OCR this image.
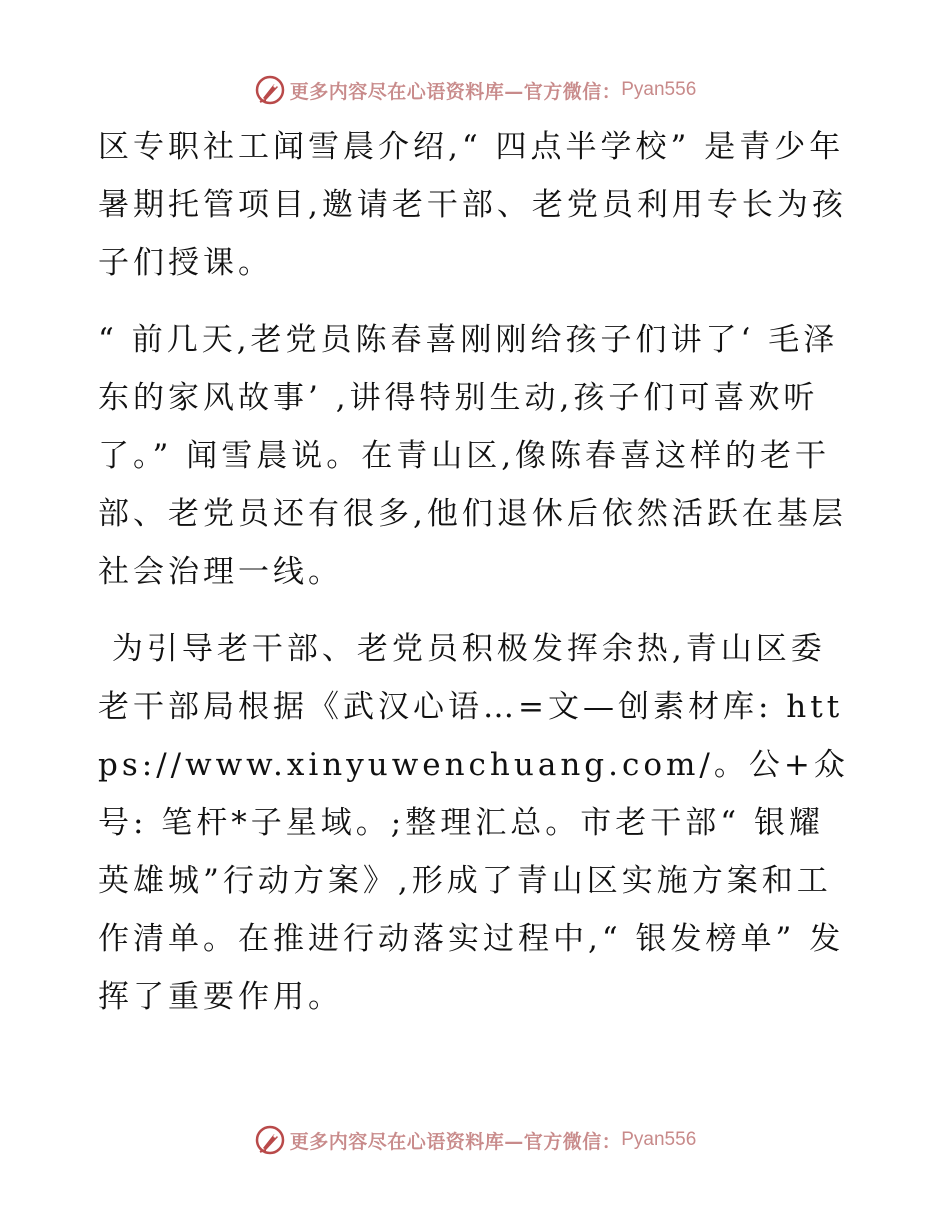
更多内容尽在心语资料库—官方微信： Pyan556

区专职社工闻雪晨介绍,“ 四点半学校” 是青少年暑期托管项目,邀请老干部、老党员利用专长为孩子们授课。

“ 前几天,老党员陈春喜刚刚给孩子们讲了‘ 毛泽东的家风故事’ ,讲得特别生动,孩子们可喜欢听了。” 闻雪晨说。在青山区,像陈春喜这样的老干部、老党员还有很多,他们退休后依然活跃在基层社会治理一线。

为引导老干部、老党员积极发挥余热,青山区委老干部局根据《武汉心语…=文—创素材库: https://www.xinyuwenchuang.com/。公+众号: 笔杆*子星域。;整理汇总。市老干部“ 银耀英雄城”行动方案》,形成了青山区实施方案和工作清单。在推进行动落实过程中,“ 银发榜单” 发挥了重要作用。

更多内容尽在心语资料库—官方微信： Pyan556
